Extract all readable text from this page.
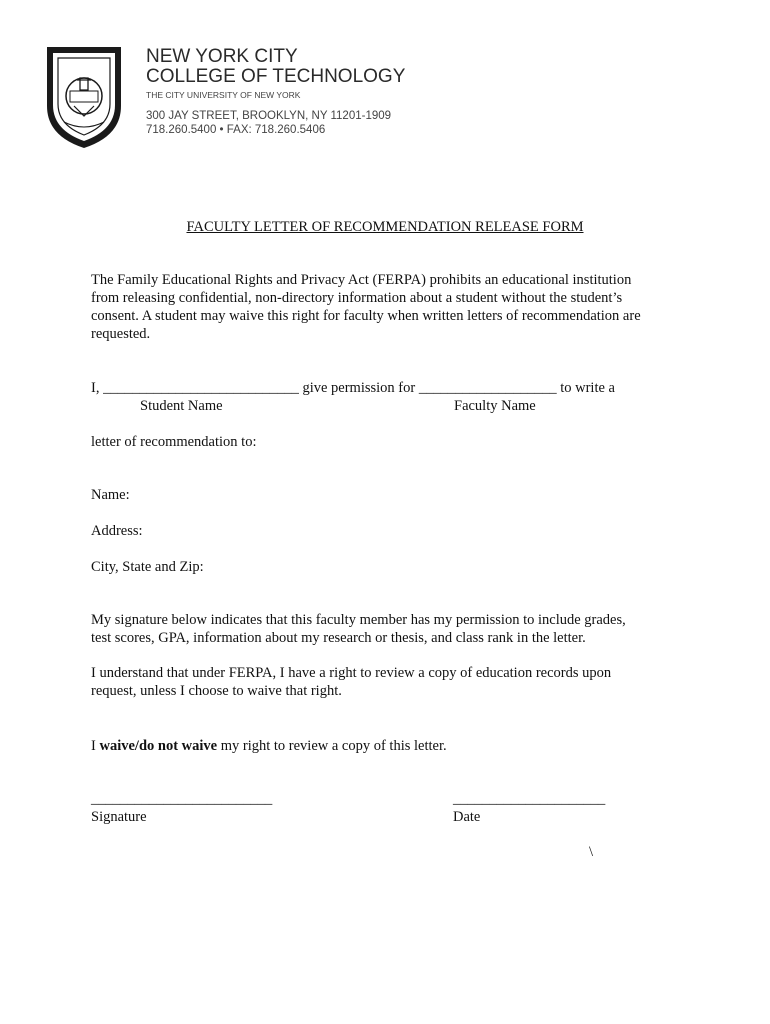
NEW YORK CITY
COLLEGE OF TECHNOLOGY
THE CITY UNIVERSITY OF NEW YORK
300 JAY STREET, BROOKLYN, NY 11201-1909
718.260.5400 • FAX: 718.260.5406
FACULTY LETTER OF RECOMMENDATION RELEASE FORM
The Family Educational Rights and Privacy Act (FERPA) prohibits an educational institution
from releasing confidential, non-directory information about a student without the student’s
consent. A student may waive this right for faculty when written letters of recommendation are
requested.
I, ___________________________ give permission for ___________________ to write a
Student Name	Faculty Name
letter of recommendation to:
Name:
Address:
City, State and Zip:
My signature below indicates that this faculty member has my permission to include grades,
test scores, GPA, information about my research or thesis, and class rank in the letter.
I understand that under FERPA, I have a right to review a copy of education records upon
request, unless I choose to waive that right.
I waive/do not waive my right to review a copy of this letter.
_________________________	_____________________
Signature	Date
\
